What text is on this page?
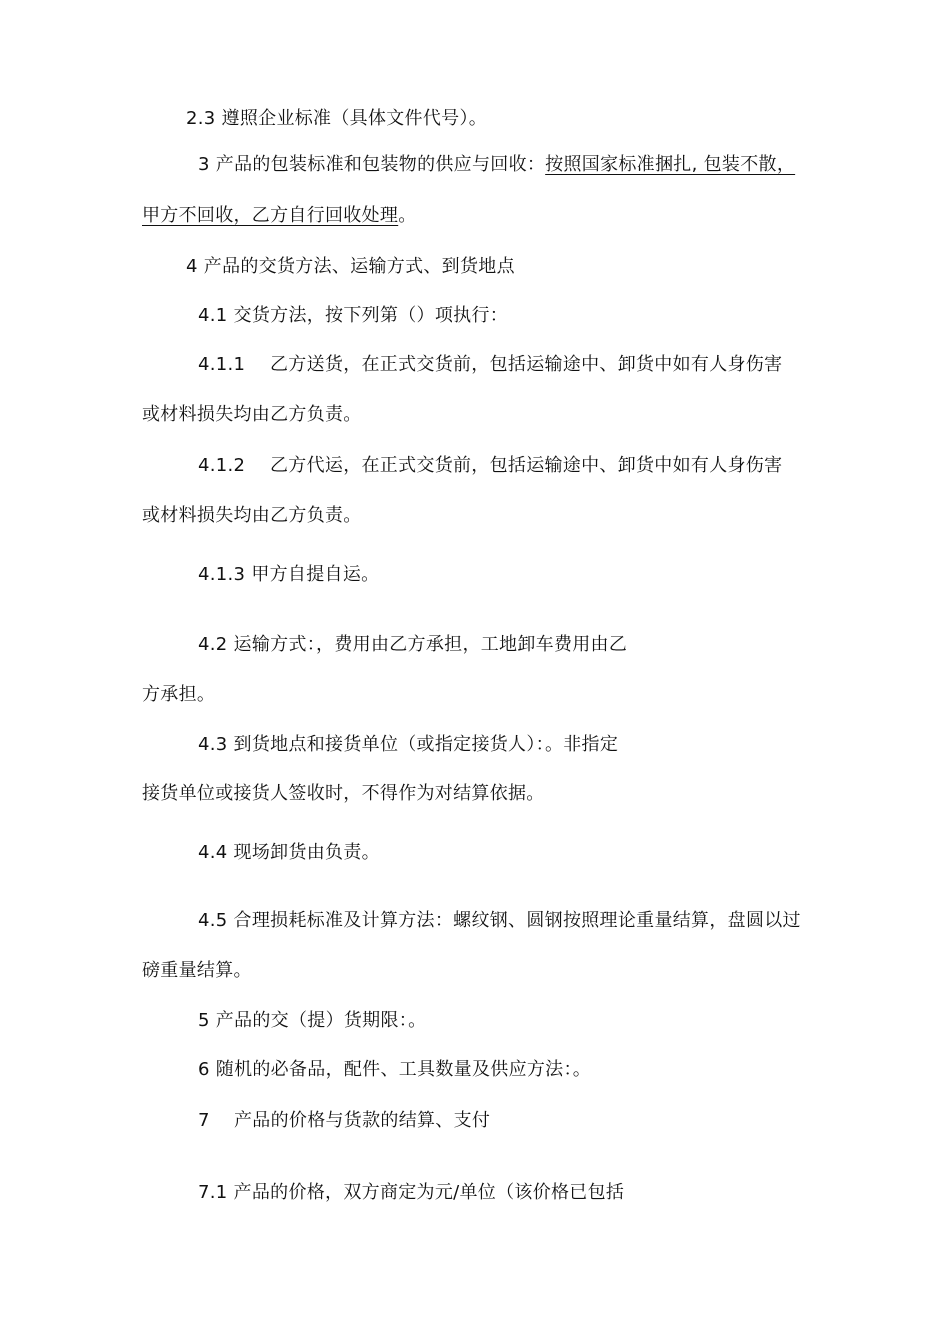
2.3 遵照企业标准（具体文件代号）。
3 产品的包装标准和包装物的供应与回收：按照国家标准捆扎, 包装不散，
甲方不回收，乙方自行回收处理。
4 产品的交货方法、运输方式、到货地点
4.1 交货方法，按下列第（）项执行：
4.1.1 乙方送货，在正式交货前，包括运输途中、卸货中如有人身伤害
或材料损失均由乙方负责。
4.1.2 乙方代运，在正式交货前，包括运输途中、卸货中如有人身伤害
或材料损失均由乙方负责。
4.1.3 甲方自提自运。
4.2 运输方式：，费用由乙方承担，工地卸车费用由乙
方承担。
4.3 到货地点和接货单位（或指定接货人）：。非指定
接货单位或接货人签收时，不得作为对结算依据。
4.4 现场卸货由负责。
4.5 合理损耗标准及计算方法：螺纹钢、圆钢按照理论重量结算，盘圆以过
磅重量结算。
5 产品的交（提）货期限：。
6 随机的必备品，配件、工具数量及供应方法：。
7 产品的价格与货款的结算、支付
7.1 产品的价格，双方商定为元/单位（该价格已包括
